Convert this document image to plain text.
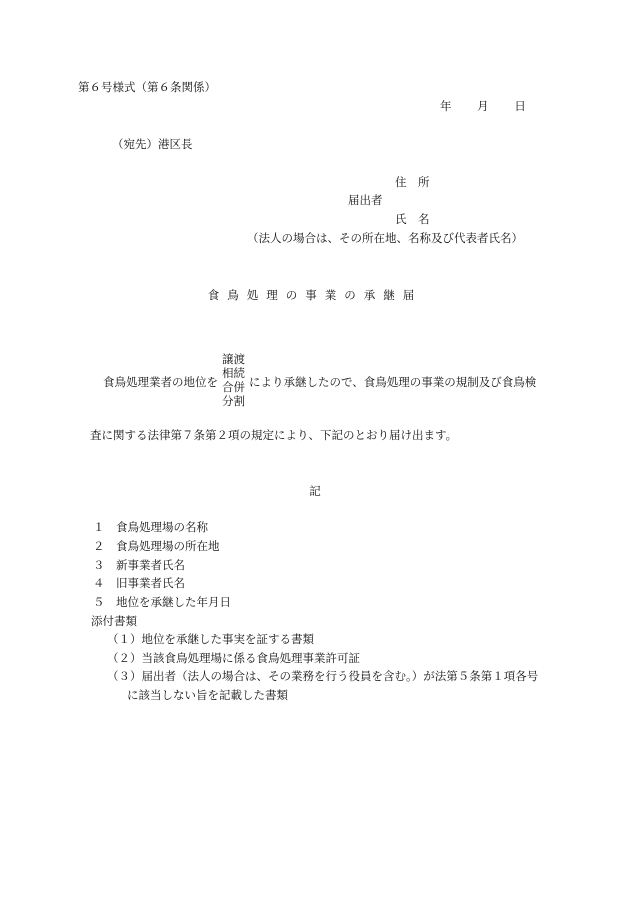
第６号様式（第６条関係）
年 月 日
（宛先）港区長
住　所
届出者
氏　名
（法人の場合は、その所在地、名称及び代表者氏名）
食鳥処理の事業の承継届
食鳥処理業者の地位を
譲渡
相続
合併
分割
により承継したので、食鳥処理の事業の規制及び食鳥検
査に関する法律第７条第２項の規定により、下記のとおり届け出ます。
記
１　食鳥処理場の名称
２　食鳥処理場の所在地
３　新事業者氏名
４　旧事業者氏名
５　地位を承継した年月日
添付書類
（１）地位を承継した事実を証する書類
（２）当該食鳥処理場に係る食鳥処理事業許可証
（３）届出者（法人の場合は、その業務を行う役員を含む。）が法第５条第１項各号
に該当しない旨を記載した書類
